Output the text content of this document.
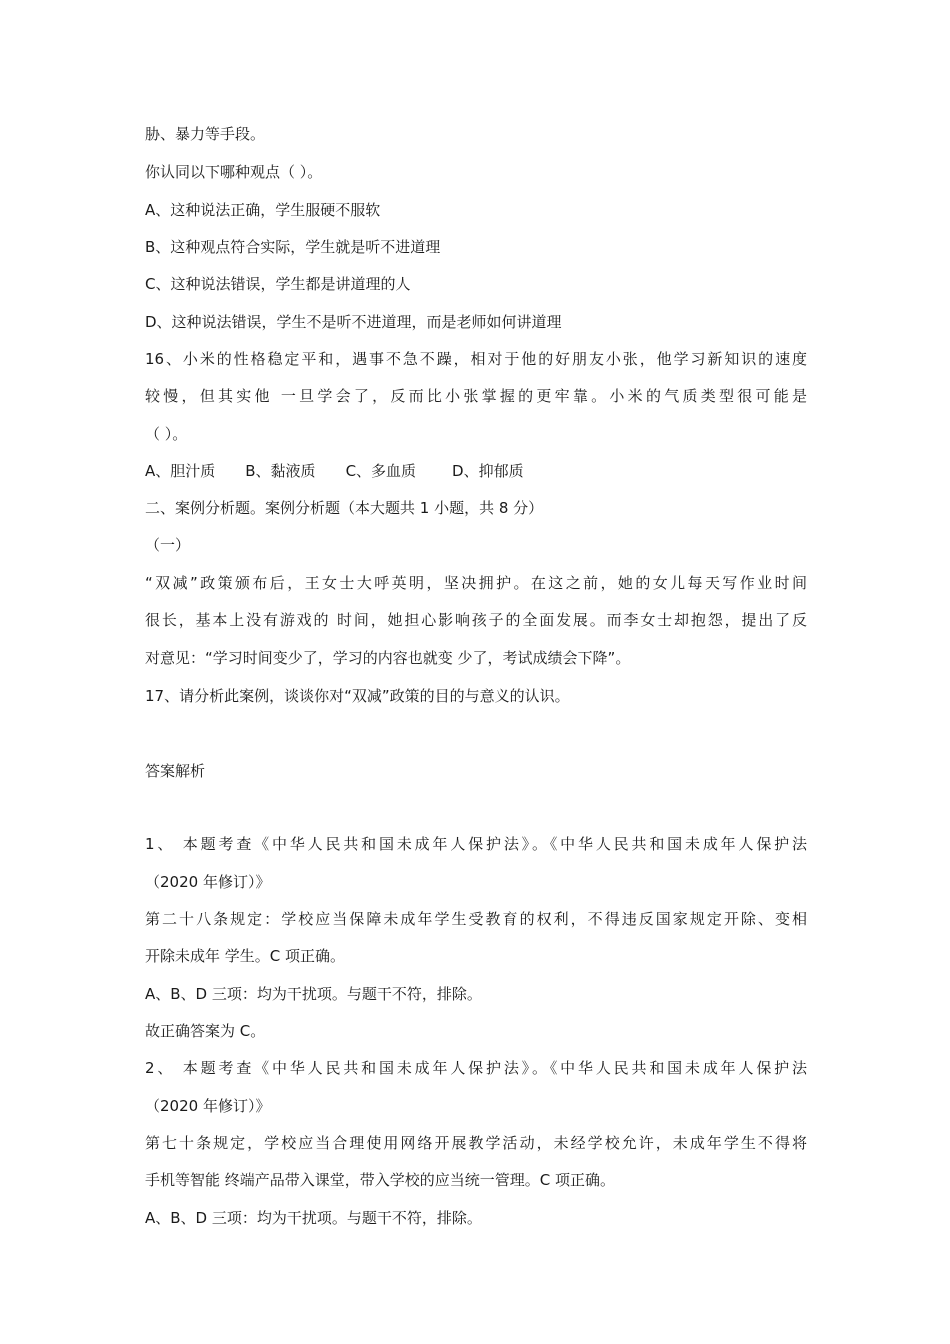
胁、暴力等手段。
你认同以下哪种观点（ ）。
A、这种说法正确，学生服硬不服软
B、这种观点符合实际，学生就是听不进道理
C、这种说法错误，学生都是讲道理的人
D、这种说法错误，学生不是听不进道理，而是老师如何讲道理
16、小米的性格稳定平和，遇事不急不躁，相对于他的好朋友小张，他学习新知识的速度
较慢，但其实他 一旦学会了，反而比小张掌握的更牢靠。小米的气质类型很可能是
（ ）。
A、胆汁质 B、黏液质 C、多血质 D、抑郁质
二、案例分析题。案例分析题（本大题共 1 小题，共 8 分）
（一）
“双减”政策颁布后，王女士大呼英明，坚决拥护。在这之前，她的女儿每天写作业时间
很长，基本上没有游戏的 时间，她担心影响孩子的全面发展。而李女士却抱怨，提出了反
对意见：“学习时间变少了，学习的内容也就变 少了，考试成绩会下降”。
17、请分析此案例，谈谈你对“双减”政策的目的与意义的认识。
答案解析
1、 本题考查《中华人民共和国未成年人保护法》。《中华人民共和国未成年人保护法
（2020 年修订）》
第二十八条规定：学校应当保障未成年学生受教育的权利，不得违反国家规定开除、变相
开除未成年 学生。C 项正确。
A、B、D 三项：均为干扰项。与题干不符，排除。
故正确答案为 C。
2、 本题考查《中华人民共和国未成年人保护法》。《中华人民共和国未成年人保护法
（2020 年修订）》
第七十条规定，学校应当合理使用网络开展教学活动，未经学校允许，未成年学生不得将
手机等智能 终端产品带入课堂，带入学校的应当统一管理。C 项正确。
A、B、D 三项：均为干扰项。与题干不符，排除。
